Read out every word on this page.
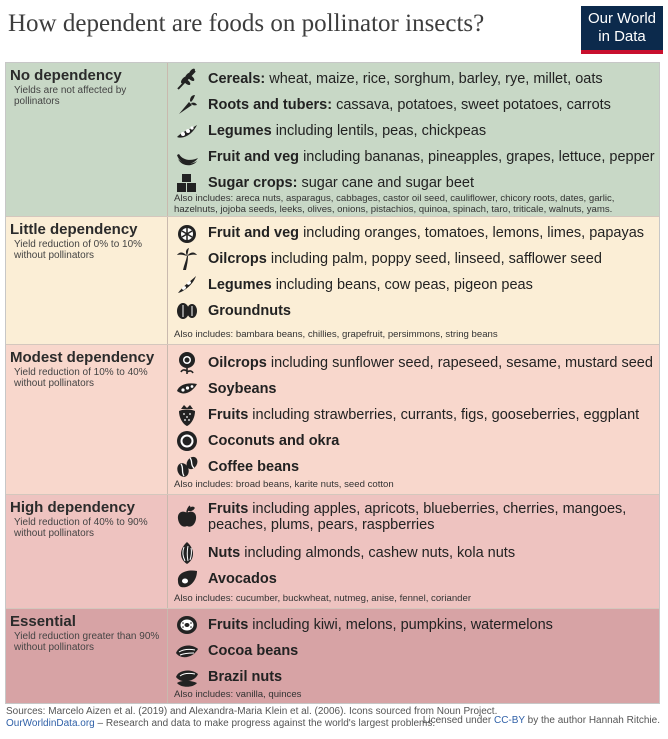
How dependent are foods on pollinator insects?	Our World
in Data
No dependency
Yields are not affected by pollinators
Cereals: wheat, maize, rice, sorghum, barley, rye, millet, oats
Roots and tubers: cassava, potatoes, sweet potatoes, carrots
Legumes including lentils, peas, chickpeas
Fruit and veg including bananas, pineapples, grapes, lettuce, pepper
Sugar crops: sugar cane and sugar beet
Also includes: areca nuts, asparagus, cabbages, castor oil seed, cauliflower, chicory roots, dates, garlic, hazelnuts, jojoba seeds, leeks, olives, onions, pistachios, quinoa, spinach, taro, triticale, walnuts, yams.
Little dependency
Yield reduction of 0% to 10% without pollinators
Fruit and veg including oranges, tomatoes, lemons, limes, papayas
Oilcrops including palm, poppy seed, linseed, safflower seed
Legumes including beans, cow peas, pigeon peas
Groundnuts
Also includes: bambara beans, chillies, grapefruit, persimmons, string beans
Modest dependency
Yield reduction of 10% to 40% without pollinators
Oilcrops including sunflower seed, rapeseed, sesame, mustard seed
Soybeans
Fruits including strawberries, currants, figs, gooseberries, eggplant
Coconuts and okra
Coffee beans
Also includes: broad beans, karite nuts, seed cotton
High dependency
Yield reduction of 40% to 90% without pollinators
Fruits including apples, apricots, blueberries, cherries, mangoes, peaches, plums, pears, raspberries
Nuts including almonds, cashew nuts, kola nuts
Avocados
Also includes: cucumber, buckwheat, nutmeg, anise, fennel, coriander
Essential
Yield reduction greater than 90% without pollinators
Fruits including kiwi, melons, pumpkins, watermelons
Cocoa beans
Brazil nuts
Also includes: vanilla, quinces
Sources: Marcelo Aizen et al. (2019) and Alexandra-Maria Klein et al. (2006). Icons sourced from Noun Project.
OurWorldinData.org – Research and data to make progress against the world's largest problems.
Licensed under CC-BY by the author Hannah Ritchie.
